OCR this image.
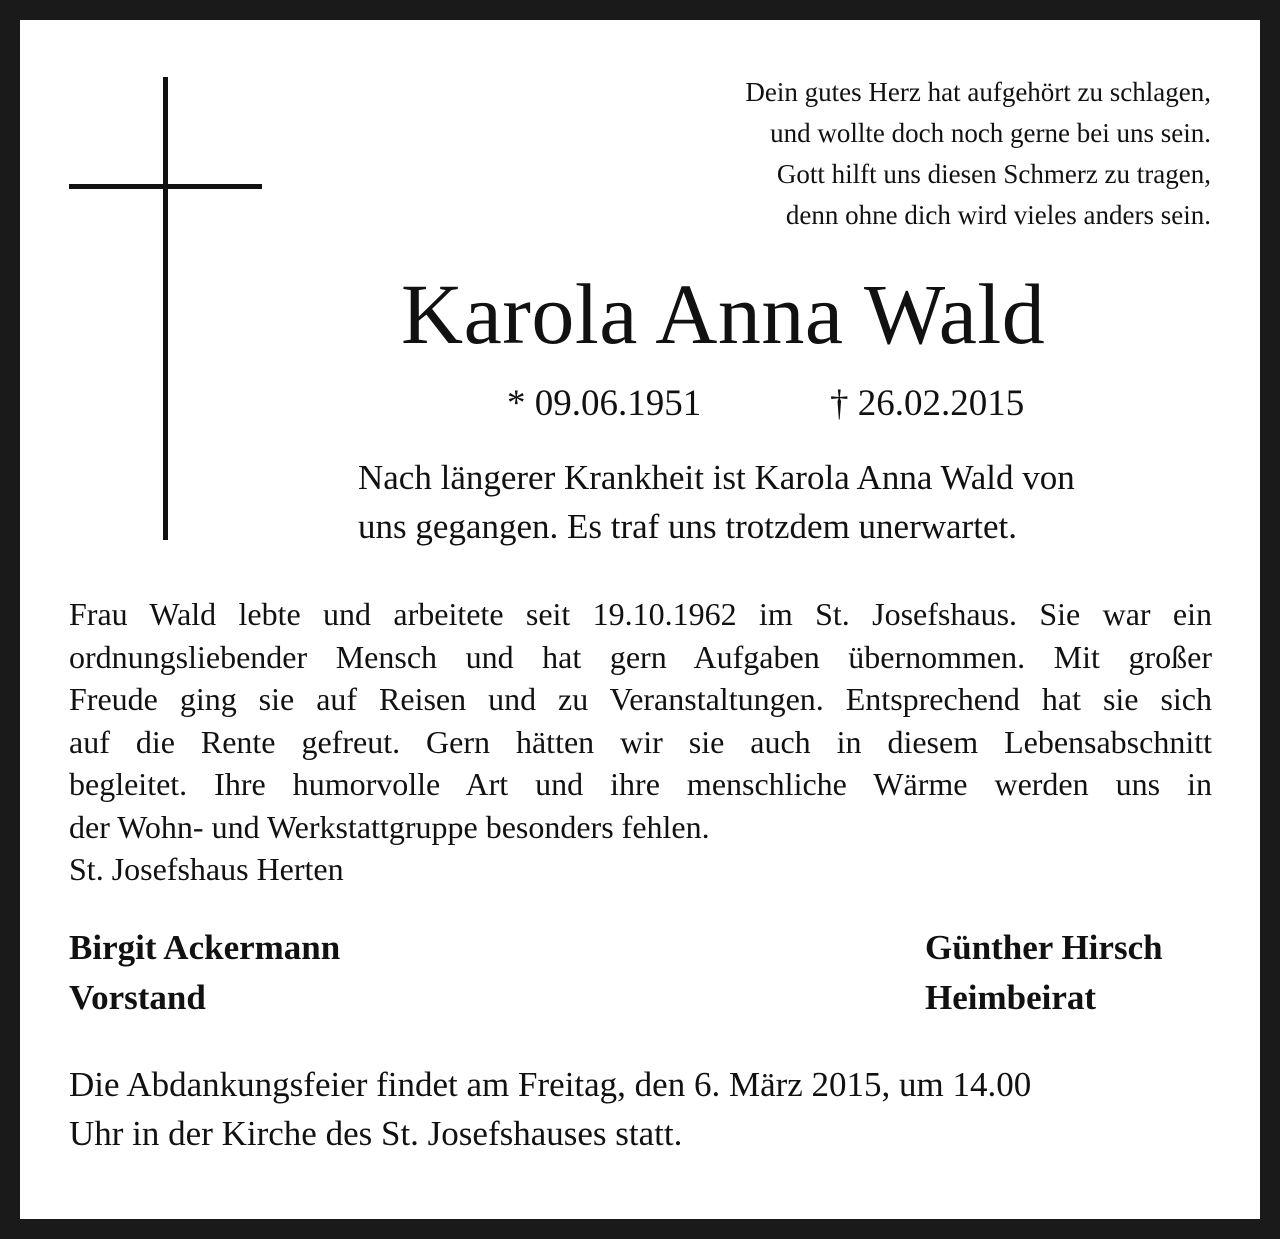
Dein gutes Herz hat aufgehört zu schlagen,
und wollte doch noch gerne bei uns sein.
Gott hilft uns diesen Schmerz zu tragen,
denn ohne dich wird vieles anders sein.
Karola Anna Wald
* 09.06.1951	† 26.02.2015
Nach längerer Krankheit ist Karola Anna Wald von
uns gegangen. Es traf uns trotzdem unerwartet.
Frau Wald lebte und arbeitete seit 19.10.1962 im St. Josefshaus. Sie war ein
ordnungsliebender Mensch und hat gern Aufgaben übernommen. Mit großer
Freude ging sie auf Reisen und zu Veranstaltungen. Entsprechend hat sie sich
auf die Rente gefreut. Gern hätten wir sie auch in diesem Lebensabschnitt
begleitet. Ihre humorvolle Art und ihre menschliche Wärme werden uns in
der Wohn- und Werkstattgruppe besonders fehlen.
St. Josefshaus Herten
Birgit Ackermann
Vorstand
Günther Hirsch
Heimbeirat
Die Abdankungsfeier findet am Freitag, den 6. März 2015, um 14.00
Uhr in der Kirche des St. Josefshauses statt.
